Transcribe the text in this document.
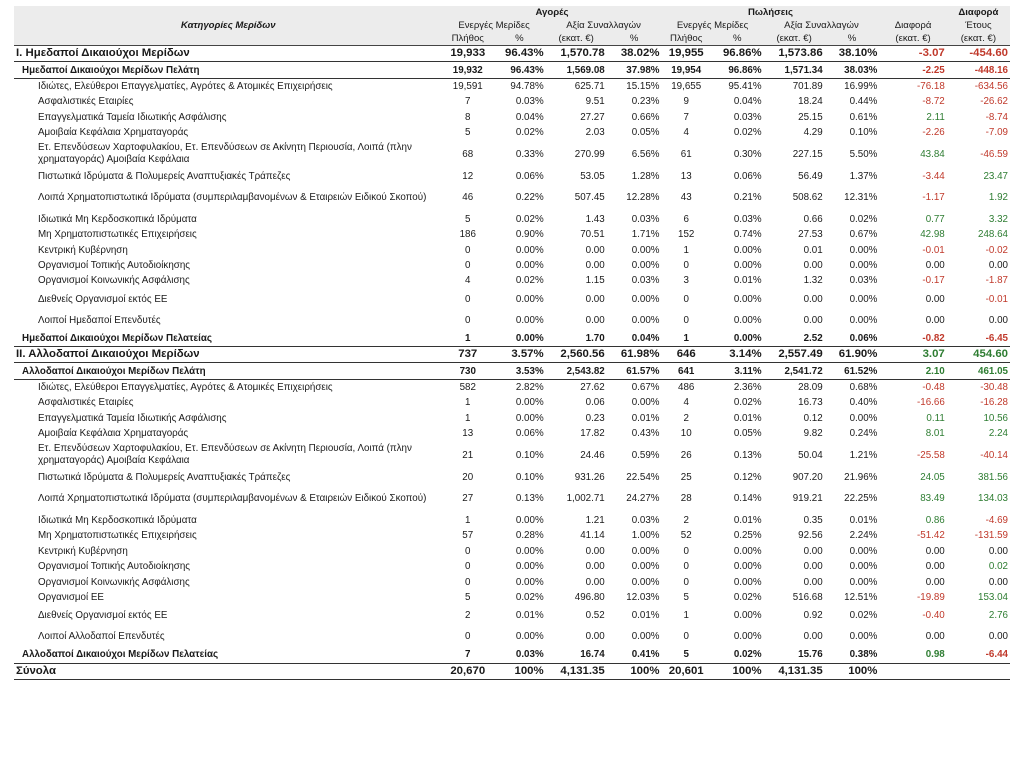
	Αγορές				Πωλήσεις					Διαφορά
Κατηγορίες Μερίδων	Ενεργές Μερίδες		Αξία Συναλλαγών		Ενεργές Μερίδες		Αξία Συναλλαγών		Διαφορά	Έτους
	Πλήθος	%	(εκατ. €)	%	Πλήθος	%	(εκατ. €)	%	(εκατ. €)	(εκατ. €)
Ι. Ημεδαποί Δικαιούχοι Μερίδων	19,933	96.43%	1,570.78	38.02%	19,955	96.86%	1,573.86	38.10%	-3.07	-454.60
Ημεδαποί Δικαιούχοι Μερίδων Πελάτη	19,932	96.43%	1,569.08	37.98%	19,954	96.86%	1,571.34	38.03%	-2.25	-448.16
Ιδιώτες, Ελεύθεροι Επαγγελματίες, Αγρότες & Ατομικές Επιχειρήσεις	19,591	94.78%	625.71	15.15%	19,655	95.41%	701.89	16.99%	-76.18	-634.56
Ασφαλιστικές Εταιρίες	7	0.03%	9.51	0.23%	9	0.04%	18.24	0.44%	-8.72	-26.62
Επαγγελματικά Ταμεία Ιδιωτικής Ασφάλισης	8	0.04%	27.27	0.66%	7	0.03%	25.15	0.61%	2.11	-8.74
Αμοιβαία Κεφάλαια Χρηματαγοράς	5	0.02%	2.03	0.05%	4	0.02%	4.29	0.10%	-2.26	-7.09
Ετ. Επενδύσεων Χαρτοφυλακίου, Ετ. Επενδύσεων σε Ακίνητη Περιουσία, Λοιπά (πλην χρηματαγοράς) Αμοιβαία Κεφάλαια	68	0.33%	270.99	6.56%	61	0.30%	227.15	5.50%	43.84	-46.59
Πιστωτικά Ιδρύματα & Πολυμερείς Αναπτυξιακές Τράπεζες	12	0.06%	53.05	1.28%	13	0.06%	56.49	1.37%	-3.44	23.47
Λοιπά Χρηματοπιστωτικά Ιδρύματα (συμπεριλαμβανομένων & Εταιρειών Ειδικού Σκοπού)	46	0.22%	507.45	12.28%	43	0.21%	508.62	12.31%	-1.17	1.92
Ιδιωτικά Μη Κερδοσκοπικά Ιδρύματα	5	0.02%	1.43	0.03%	6	0.03%	0.66	0.02%	0.77	3.32
Μη Χρηματοπιστωτικές Επιχειρήσεις	186	0.90%	70.51	1.71%	152	0.74%	27.53	0.67%	42.98	248.64
Κεντρική Κυβέρνηση	0	0.00%	0.00	0.00%	1	0.00%	0.01	0.00%	-0.01	-0.02
Οργανισμοί Τοπικής Αυτοδιοίκησης	0	0.00%	0.00	0.00%	0	0.00%	0.00	0.00%	0.00	0.00
Οργανισμοί Κοινωνικής Ασφάλισης	4	0.02%	1.15	0.03%	3	0.01%	1.32	0.03%	-0.17	-1.87
Διεθνείς Οργανισμοί εκτός ΕΕ	0	0.00%	0.00	0.00%	0	0.00%	0.00	0.00%	0.00	-0.01
Λοιποί Ημεδαποί Επενδυτές	0	0.00%	0.00	0.00%	0	0.00%	0.00	0.00%	0.00	0.00
Ημεδαποί Δικαιούχοι Μερίδων Πελατείας	1	0.00%	1.70	0.04%	1	0.00%	2.52	0.06%	-0.82	-6.45
ΙΙ. Αλλοδαποί Δικαιούχοι Μερίδων	737	3.57%	2,560.56	61.98%	646	3.14%	2,557.49	61.90%	3.07	454.60
Αλλοδαποί Δικαιούχοι Μερίδων Πελάτη	730	3.53%	2,543.82	61.57%	641	3.11%	2,541.72	61.52%	2.10	461.05
Ιδιώτες, Ελεύθεροι Επαγγελματίες, Αγρότες & Ατομικές Επιχειρήσεις	582	2.82%	27.62	0.67%	486	2.36%	28.09	0.68%	-0.48	-30.48
Ασφαλιστικές Εταιρίες	1	0.00%	0.06	0.00%	4	0.02%	16.73	0.40%	-16.66	-16.28
Επαγγελματικά Ταμεία Ιδιωτικής Ασφάλισης	1	0.00%	0.23	0.01%	2	0.01%	0.12	0.00%	0.11	10.56
Αμοιβαία Κεφάλαια Χρηματαγοράς	13	0.06%	17.82	0.43%	10	0.05%	9.82	0.24%	8.01	2.24
Ετ. Επενδύσεων Χαρτοφυλακίου, Ετ. Επενδύσεων σε Ακίνητη Περιουσία, Λοιπά (πλην χρηματαγοράς) Αμοιβαία Κεφάλαια	21	0.10%	24.46	0.59%	26	0.13%	50.04	1.21%	-25.58	-40.14
Πιστωτικά Ιδρύματα & Πολυμερείς Αναπτυξιακές Τράπεζες	20	0.10%	931.26	22.54%	25	0.12%	907.20	21.96%	24.05	381.56
Λοιπά Χρηματοπιστωτικά Ιδρύματα (συμπεριλαμβανομένων & Εταιρειών Ειδικού Σκοπού)	27	0.13%	1,002.71	24.27%	28	0.14%	919.21	22.25%	83.49	134.03
Ιδιωτικά Μη Κερδοσκοπικά Ιδρύματα	1	0.00%	1.21	0.03%	2	0.01%	0.35	0.01%	0.86	-4.69
Μη Χρηματοπιστωτικές Επιχειρήσεις	57	0.28%	41.14	1.00%	52	0.25%	92.56	2.24%	-51.42	-131.59
Κεντρική Κυβέρνηση	0	0.00%	0.00	0.00%	0	0.00%	0.00	0.00%	0.00	0.00
Οργανισμοί Τοπικής Αυτοδιοίκησης	0	0.00%	0.00	0.00%	0	0.00%	0.00	0.00%	0.00	0.02
Οργανισμοί Κοινωνικής Ασφάλισης	0	0.00%	0.00	0.00%	0	0.00%	0.00	0.00%	0.00	0.00
Οργανισμοί ΕΕ	5	0.02%	496.80	12.03%	5	0.02%	516.68	12.51%	-19.89	153.04
Διεθνείς Οργανισμοί εκτός ΕΕ	2	0.01%	0.52	0.01%	1	0.00%	0.92	0.02%	-0.40	2.76
Λοιποί Αλλοδαποί Επενδυτές	0	0.00%	0.00	0.00%	0	0.00%	0.00	0.00%	0.00	0.00
Αλλοδαποί Δικαιούχοι Μερίδων Πελατείας	7	0.03%	16.74	0.41%	5	0.02%	15.76	0.38%	0.98	-6.44
Σύνολα	20,670	100%	4,131.35	100%	20,601	100%	4,131.35	100%		
